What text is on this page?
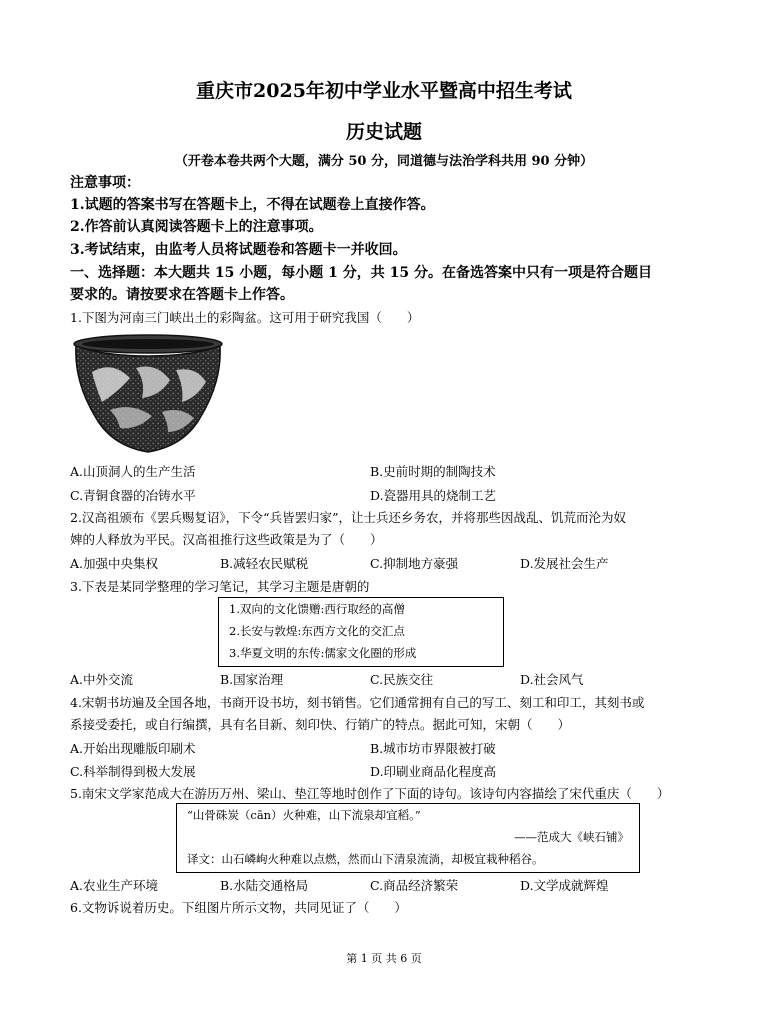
重庆市2025年初中学业水平暨高中招生考试
历史试题
（开卷本卷共两个大题，满分 50 分，同道德与法治学科共用 90 分钟）
注意事项：
1.试题的答案书写在答题卡上，不得在试题卷上直接作答。
2.作答前认真阅读答题卡上的注意事项。
3.考试结束，由监考人员将试题卷和答题卡一并收回。
一、选择题：本大题共 15 小题，每小题 1 分，共 15 分。在备选答案中只有一项是符合题目
要求的。请按要求在答题卡上作答。
1.下图为河南三门峡出土的彩陶盆。这可用于研究我国（　　）
A.山顶洞人的生产生活	B.史前时期的制陶技术
C.青铜食器的冶铸水平	D.瓷器用具的烧制工艺
2.汉高祖颁布《罢兵赐复诏》，下令“兵皆罢归家”，让士兵还乡务农，并将那些因战乱、饥荒而沦为奴
婢的人释放为平民。汉高祖推行这些政策是为了（　　）
A.加强中央集权	B.减轻农民赋税	C.抑制地方豪强	D.发展社会生产
3.下表是某同学整理的学习笔记，其学习主题是唐朝的
1.双向的文化馈赠:西行取经的高僧
2.长安与敦煌:东西方文化的交汇点
3.华夏文明的东传:儒家文化圈的形成
A.中外交流	B.国家治理	C.民族交往	D.社会风气
4.宋朝书坊遍及全国各地，书商开设书坊，刻书销售。它们通常拥有自己的写工、刻工和印工，其刻书或
系接受委托，或自行编撰，具有名目新、刻印快、行销广的特点。据此可知，宋朝（　　）
A.开始出现雕版印刷术	B.城市坊市界限被打破
C.科举制得到极大发展	D.印刷业商品化程度高
5.南宋文学家范成大在游历万州、梁山、垫江等地时创作了下面的诗句。该诗句内容描绘了宋代重庆（　　）
“山骨硃炭（cān）火种难，山下流泉却宜稻。”
——范成大《峡石铺》
译文：山石嶙峋火种难以点燃，然而山下清泉流淌，却极宜栽种稻谷。
A.农业生产环境	B.水陆交通格局	C.商品经济繁荣	D.文学成就辉煌
6.文物诉说着历史。下组图片所示文物，共同见证了（　　）
第 1 页 共 6 页
